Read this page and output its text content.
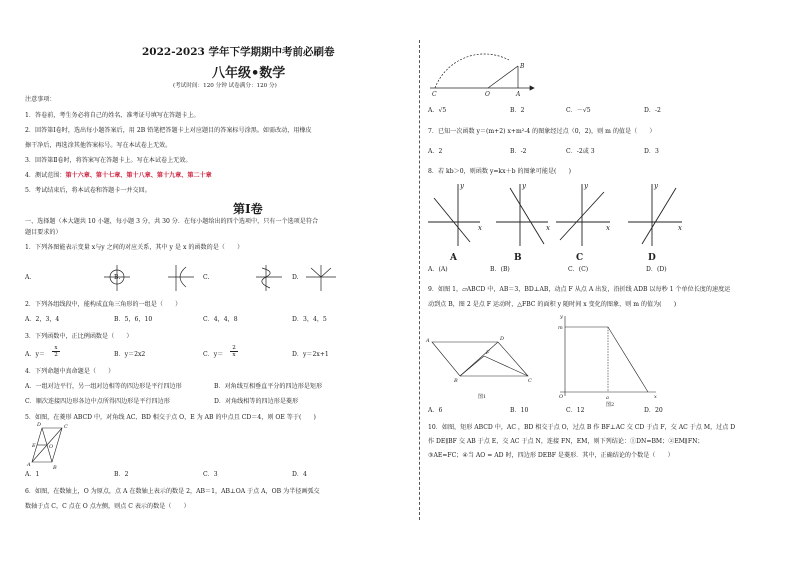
2022-2023 学年下学期期中考前必刷卷
八年级•数学
(考试时间：120 分钟 试卷满分：120 分)
注意事项：
1．答卷前，考生务必将自己的姓名、准考证号填写在答题卡上。
2．回答第Ⅰ卷时，选出每小题答案后，用 2B 铅笔把答题卡上对应题目的答案标号涂黑。如需改动，用橡皮
擦干净后，再选涂其他答案标号。写在本试卷上无效。
3．回答第Ⅱ卷时，将答案写在答题卡上。写在本试卷上无效。
4．测试范围：第十六章、第十七章、第十八章、第十九章、第二十章
5．考试结束后，将本试卷和答题卡一并交回。
第Ⅰ卷
一、选择题（本大题共 10 小题，每小题 3 分，共 30 分．在每小题给出的四个选项中，只有一个选项是符合
题目要求的）
1．下列各图能表示变量 x与y 之间的对应关系，其中 y 是 x 的函数的是（　　）
A.	B.	C.	D.
2．下列各组线段中，能构成直角三角形的一组是（　　）
A．2，3，4	B．5，6，10	C．4，4，8	D．3，4，5
3．下列函数中，正比例函数是（　　）
A．$y= \frac{x}{2}$	B．y＝2x2	C．$y= \frac{2}{x}$	D．y＝2x+1
4．下列命题中真命题是（　　）
A．一组对边平行，另一组对边相等的四边形是平行四边形	B．对角线互相垂直平分的四边形是矩形
C．顺次连接四边形各边中点所得四边形是平行四边形	D．对角线相等的四边形是菱形
5．如图，在菱形 ABCD 中，对角线 AC、BD 相交于点 O，E 为 AB 的中点且 CD＝4，则 OE 等于(　　)
D	C
B
A
O
E
A．1	B．2	C．3	D．4
6．如图，在数轴上，O 为原点，点 A 在数轴上表示的数是 2，AB＝1，AB⊥OA 于点 A，OB 为半径画弧交
数轴于点 C，C 点在 O 点左侧，则点 C 表示的数是（　　）
C	O	A
B
A．√5	B．2	C．－√5	D．-2
7．已知一次函数 y＝(m+2) x+m²-4 的图象经过点（0，2)，则 m 的值是（　　）
A．2	B．-2	C．-2或 3	D．3
8．若 kb＞0，则函数 y=kx＋b 的图象可能是(　　)
y
x
y
x
y
x
y
x
A	B	C	D
A．(A)	B．(B)	C．(C)	D．(D)
9．如图 1，▱ABCD 中，AB＝3，BD⊥AB，动点 F 从点 A 出发，沿折线 ADB 以每秒 1 个单位长度的速度运
动到点 B，图 2 是点 F 运动时，△FBC 的面积 y 随时间 x 变化的图象，则 m 的值为(　　)
A	D
B	C
F
y
m
O	a	x
图1
图2
A．6	B．10	C．12	D．20
10．如图，矩形 ABCD 中，AC ，BD 相交于点 O，过点 B 作 BF⊥AC 交 CD 于点 F，交 AC 于点 M，过点 D
作 DE∥BF 交 AB 于点 E，交 AC 于点 N，连接 FN，EM，则下列结论：①DN=BM；②EM∥FN；
③AE=FC；④当 AO = AD 时，四边形 DEBF 是菱形．其中，正确结论的个数是（　　）
